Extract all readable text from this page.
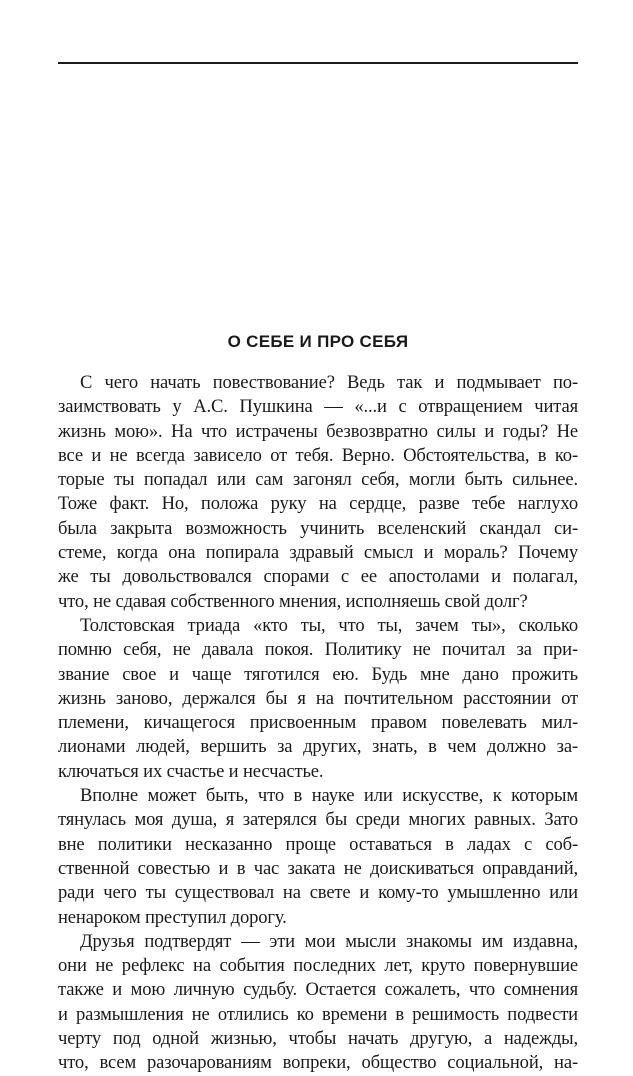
О СЕБЕ И ПРО СЕБЯ
С чего начать повествование? Ведь так и подмывает по-
заимствовать у А.С. Пушкина — «...и с отвращением читая
жизнь мою». На что истрачены безвозвратно силы и годы? Не
все и не всегда зависело от тебя. Верно. Обстоятельства, в ко-
торые ты попадал или сам загонял себя, могли быть сильнее.
Тоже факт. Но, положа руку на сердце, разве тебе наглухо
была закрыта возможность учинить вселенский скандал си-
стеме, когда она попирала здравый смысл и мораль? Почему
же ты довольствовался спорами с ее апостолами и полагал,
что, не сдавая собственного мнения, исполняешь свой долг?
Толстовская триада «кто ты, что ты, зачем ты», сколько
помню себя, не давала покоя. Политику не почитал за при-
звание свое и чаще тяготился ею. Будь мне дано прожить
жизнь заново, держался бы я на почтительном расстоянии от
племени, кичащегося присвоенным правом повелевать мил-
лионами людей, вершить за других, знать, в чем должно за-
ключаться их счастье и несчастье.
Вполне может быть, что в науке или искусстве, к которым
тянулась моя душа, я затерялся бы среди многих равных. Зато
вне политики несказанно проще оставаться в ладах с соб-
ственной совестью и в час заката не доискиваться оправданий,
ради чего ты существовал на свете и кому-то умышленно или
ненароком преступил дорогу.
Друзья подтвердят — эти мои мысли знакомы им издавна,
они не рефлекс на события последних лет, круто повернувшие
также и мою личную судьбу. Остается сожалеть, что сомнения
и размышления не отлились ко времени в решимость подвести
черту под одной жизнью, чтобы начать другую, а надежды,
что, всем разочарованиям вопреки, общество социальной, на-
